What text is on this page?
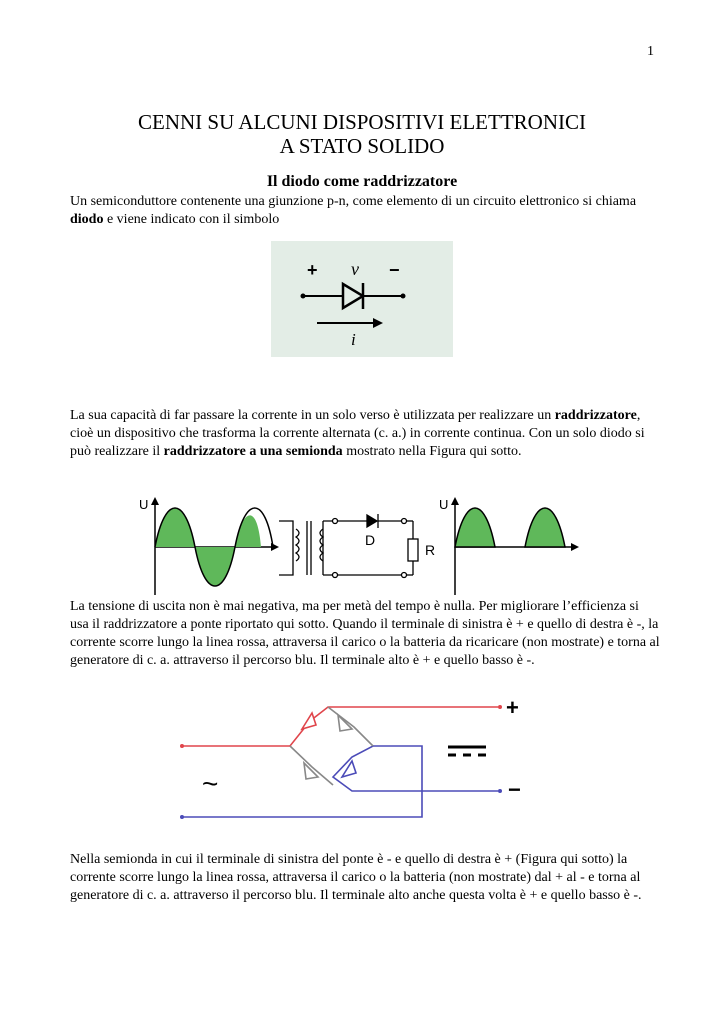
1
CENNI SU ALCUNI DISPOSITIVI ELETTRONICI
A STATO SOLIDO
Il diodo come raddrizzatore
Un semiconduttore contenente una giunzione p-n, come elemento di un circuito elettronico si chiama diodo e viene indicato con il simbolo
+ v −
i
La sua capacità di far passare la corrente in un solo verso è utilizzata per realizzare un raddrizzatore, cioè un dispositivo che trasforma la corrente alternata (c. a.) in corrente continua. Con un solo diodo si può realizzare il raddrizzatore a una semionda mostrato nella Figura qui sotto.
U
D
R
U
La tensione di uscita non è mai negativa, ma per metà del tempo è nulla. Per migliorare l’efficienza si usa il raddrizzatore a ponte riportato qui sotto. Quando il terminale di sinistra è + e quello di destra è -, la corrente scorre lungo la linea rossa, attraversa il carico o la batteria da ricaricare (non mostrate) e torna al generatore di c. a. attraverso il percorso blu. Il terminale alto è + e quello basso è -.
+
−
~
Nella semionda in cui il terminale di sinistra del ponte è - e quello di destra è + (Figura qui sotto) la corrente scorre lungo la linea rossa, attraversa il carico o la batteria (non mostrate) dal + al - e torna al generatore di c. a. attraverso il percorso blu. Il terminale alto anche questa volta è + e quello basso è -.
